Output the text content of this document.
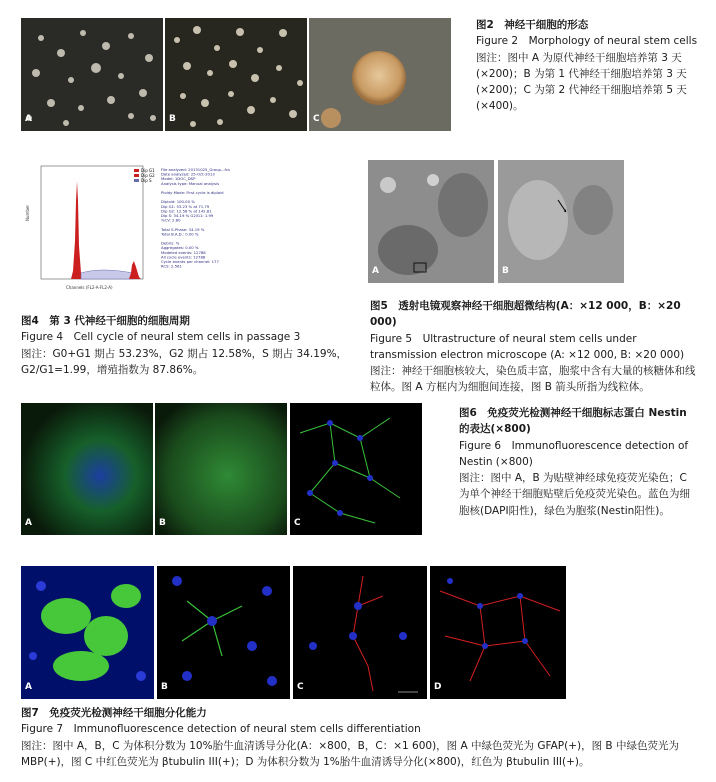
A	B	C

图2　神经干细胞的形态

Figure 2　Morphology of neural stem cells

图注：图中 A 为原代神经干细胞培养第 3 天(×200)；B 为第 1 代神经干细胞培养第 3 天(×200)；C 为第 2 代神经干细胞培养第 5 天(×400)。

Number
Channels (FL2-A-FL2-A)
Dip G1
Dip G2
Dip S
File analyzed: 20131025_Group...fcs
Date analyzed: 25-Oct-2013
Model: 1DOC_DSP
Analysis type: Manual analysis
Ploidy Mode: First cycle is diploid
Diploid: 100.00 %
Dip G1: 53.23 % at 71.79
Dip G2: 12.58 % at 142.81
Dip S: 34.19 % G2/G1: 1.99
%CV: 2.80
Total S-Phase: 34.19 %
Total B.A.D.: 0.00 %
Debris: %
Aggregates: 0.00 %
Modeled events: 12788
All cycle events: 12788
Cycle events per channel: 177
RCS: 2.561

图4　第 3 代神经干细胞的细胞周期

Figure 4　Cell cycle of neural stem cells in passage 3

图注：G0+G1 期占 53.23%，G2 期占 12.58%，S 期占 34.19%，

G2/G1=1.99，增殖指数为 87.86%。

A	B

图5　透射电镜观察神经干细胞超微结构(A：×12 000，B：×20 000)

Figure 5　Ultrastructure of neural stem cells under transmission electron microscope (A: ×12 000, B: ×20 000)

图注：神经干细胞核较大，染色质丰富，胞浆中含有大量的核糖体和线粒体。图 A 方框内为细胞间连接，图 B 箭头所指为线粒体。

A	B	C

图6　免疫荧光检测神经干细胞标志蛋白 Nestin 的表达(×800)

Figure 6　Immunofluorescence detection of Nestin (×800)

图注：图中 A，B 为贴壁神经球免疫荧光染色；C 为单个神经干细胞贴壁后免疫荧光染色。蓝色为细胞核(DAPI阳性)，绿色为胞浆(Nestin阳性)。

A	B	C	D

图7　免疫荧光检测神经干细胞分化能力

Figure 7　Immunofluorescence detection of neural stem cells differentiation

图注：图中 A，B，C 为体积分数为 10%胎牛血清诱导分化(A：×800，B，C：×1 600)，图 A 中绿色荧光为 GFAP(+)，图 B 中绿色荧光为 MBP(+)，图 C 中红色荧光为 βtubulin III(+)；D 为体积分数为 1%胎牛血清诱导分化(×800)，红色为 βtubulin III(+)。
